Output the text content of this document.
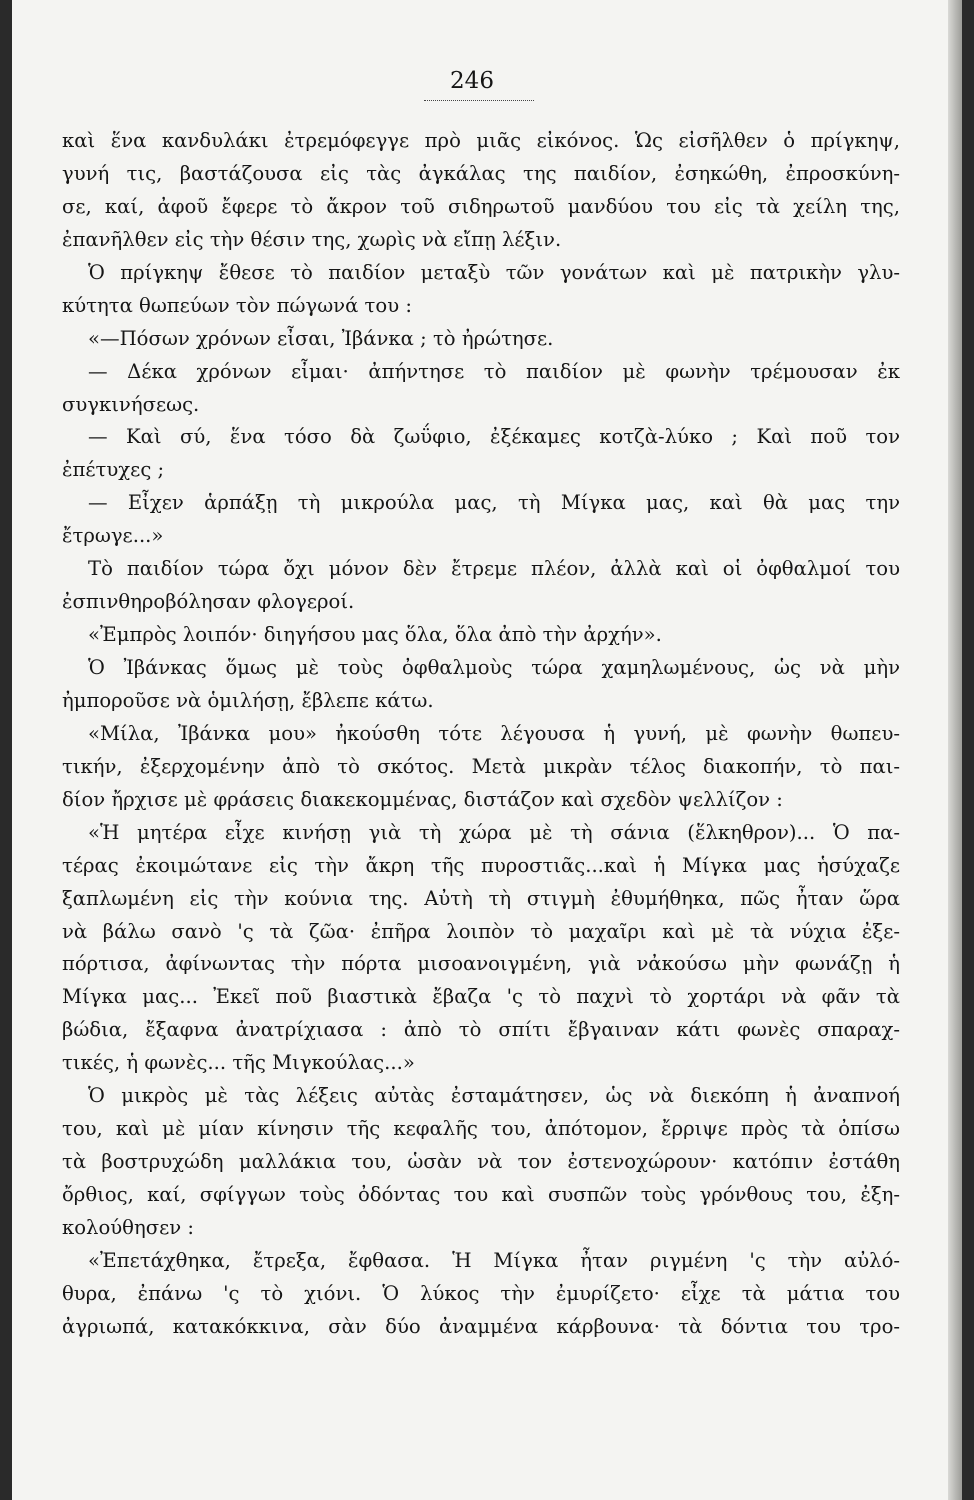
246
καὶ ἕνα κανδυλάκι ἐτρεμόφεγγε πρὸ μιᾶς εἰκόνος. Ὡς εἰσῆλθεν ὁ πρίγκηψ,
γυνή τις, βαστάζουσα εἰς τὰς ἀγκάλας της παιδίον, ἐσηκώθη, ἐπροσκύνη-
σε, καί, ἀφοῦ ἔφερε τὸ ἄκρον τοῦ σιδηρωτοῦ μανδύου του εἰς τὰ χείλη της,
ἐπανῆλθεν εἰς τὴν θέσιν της, χωρὶς νὰ εἴπῃ λέξιν.
Ὁ πρίγκηψ ἔθεσε τὸ παιδίον μεταξὺ τῶν γονάτων καὶ μὲ πατρικὴν γλυ-
κύτητα θωπεύων τὸν πώγωνά του :
«—Πόσων χρόνων εἶσαι, Ἰβάνκα ; τὸ ἠρώτησε.
— Δέκα χρόνων εἶμαι· ἀπήντησε τὸ παιδίον μὲ φωνὴν τρέμουσαν ἐκ
συγκινήσεως.
— Καὶ σύ, ἕνα τόσο δὰ ζωΰφιο, ἐξέκαμες κοτζὰ-λύκο ; Καὶ ποῦ τον
ἐπέτυχες ;
— Εἶχεν ἁρπάξῃ τὴ μικρούλα μας, τὴ Μίγκα μας, καὶ θὰ μας την
ἔτρωγε...»
Τὸ παιδίον τώρα ὄχι μόνον δὲν ἔτρεμε πλέον, ἀλλὰ καὶ οἱ ὀφθαλμοί του
ἐσπινθηροβόλησαν φλογεροί.
«Ἐμπρὸς λοιπόν· διηγήσου μας ὅλα, ὅλα ἀπὸ τὴν ἀρχήν».
Ὁ Ἰβάνκας ὅμως μὲ τοὺς ὀφθαλμοὺς τώρα χαμηλωμένους, ὡς νὰ μὴν
ἠμποροῦσε νὰ ὁμιλήσῃ, ἔβλεπε κάτω.
«Μίλα, Ἰβάνκα μου» ἠκούσθη τότε λέγουσα ἡ γυνή, μὲ φωνὴν θωπευ-
τικήν, ἐξερχομένην ἀπὸ τὸ σκότος. Μετὰ μικρὰν τέλος διακοπήν, τὸ παι-
δίον ἤρχισε μὲ φράσεις διακεκομμένας, διστάζον καὶ σχεδὸν ψελλίζον :
«Ἡ μητέρα εἶχε κινήσῃ γιὰ τὴ χώρα μὲ τὴ σάνια (ἕλκηθρον)... Ὁ πα-
τέρας ἐκοιμώτανε εἰς τὴν ἄκρη τῆς πυροστιᾶς...καὶ ἡ Μίγκα μας ἡσύχαζε
ξαπλωμένη εἰς τὴν κούνια της. Αὐτὴ τὴ στιγμὴ ἐθυμήθηκα, πῶς ἦταν ὥρα
νὰ βάλω σανὸ 'ς τὰ ζῶα· ἐπῆρα λοιπὸν τὸ μαχαῖρι καὶ μὲ τὰ νύχια ἐξε-
πόρτισα, ἀφίνωντας τὴν πόρτα μισοανοιγμένη, γιὰ νἀκούσω μὴν φωνάζῃ ἡ
Μίγκα μας... Ἐκεῖ ποῦ βιαστικὰ ἔβαζα 'ς τὸ παχνὶ τὸ χορτάρι νὰ φᾶν τὰ
βώδια, ἔξαφνα ἀνατρίχιασα : ἀπὸ τὸ σπίτι ἔβγαιναν κάτι φωνὲς σπαραχ-
τικές, ἡ φωνὲς... τῆς Μιγκούλας...»
Ὁ μικρὸς μὲ τὰς λέξεις αὐτὰς ἐσταμάτησεν, ὡς νὰ διεκόπη ἡ ἀναπνοή
του, καὶ μὲ μίαν κίνησιν τῆς κεφαλῆς του, ἀπότομον, ἔρριψε πρὸς τὰ ὀπίσω
τὰ βοστρυχώδη μαλλάκια του, ὡσὰν νὰ τον ἐστενοχώρουν· κατόπιν ἐστάθη
ὄρθιος, καί, σφίγγων τοὺς ὀδόντας του καὶ συσπῶν τοὺς γρόνθους του, ἐξη-
κολούθησεν :
«Ἐπετάχθηκα, ἔτρεξα, ἔφθασα. Ἡ Μίγκα ἦταν ριγμένη 'ς τὴν αὐλό-
θυρα, ἐπάνω 'ς τὸ χιόνι. Ὁ λύκος τὴν ἐμυρίζετο· εἶχε τὰ μάτια του
ἀγριωπά, κατακόκκινα, σὰν δύο ἀναμμένα κάρβουνα· τὰ δόντια του τρο-
